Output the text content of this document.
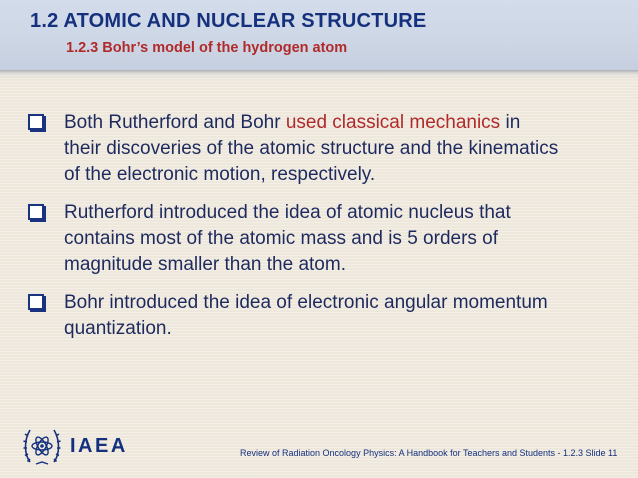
1.2 ATOMIC AND NUCLEAR STRUCTURE
1.2.3 Bohr’s model of the hydrogen atom

Both Rutherford and Bohr used classical mechanics in
their discoveries of the atomic structure and the kinematics
of the electronic motion, respectively.

Rutherford introduced the idea of atomic nucleus that
contains most of the atomic mass and is 5 orders of
magnitude smaller than the atom.

Bohr introduced the idea of electronic angular momentum
quantization.

IAEA	Review of Radiation Oncology Physics: A Handbook for Teachers and Students - 1.2.3 Slide 11
